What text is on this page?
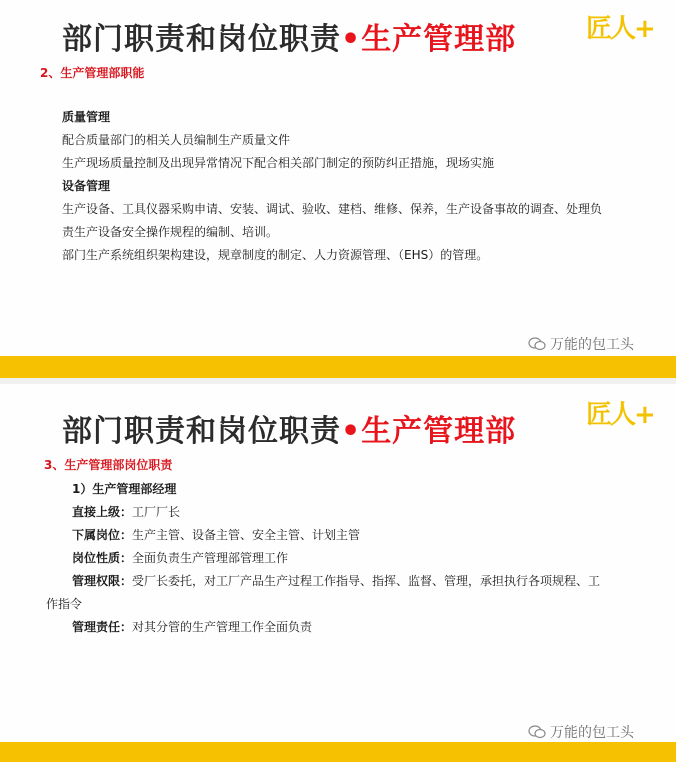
部门职责和岗位职责•生产管理部	匠人+
2、生产管理部职能
质量管理
配合质量部门的相关人员编制生产质量文件
生产现场质量控制及出现异常情况下配合相关部门制定的预防纠正措施，现场实施
设备管理
生产设备、工具仪器采购申请、安装、调试、验收、建档、维修、保养，生产设备事故的调查、处理负
责生产设备安全操作规程的编制、培训。
部门生产系统组织架构建设，规章制度的制定、人力资源管理、（EHS）的管理。
万能的包工头
部门职责和岗位职责•生产管理部	匠人+
3、生产管理部岗位职责
1）生产管理部经理
直接上级：工厂厂长
下属岗位：生产主管、设备主管、安全主管、计划主管
岗位性质：全面负责生产管理部管理工作
管理权限：受厂长委托，对工厂产品生产过程工作指导、指挥、监督、管理，承担执行各项规程、工
作指令
管理责任：对其分管的生产管理工作全面负责
万能的包工头
